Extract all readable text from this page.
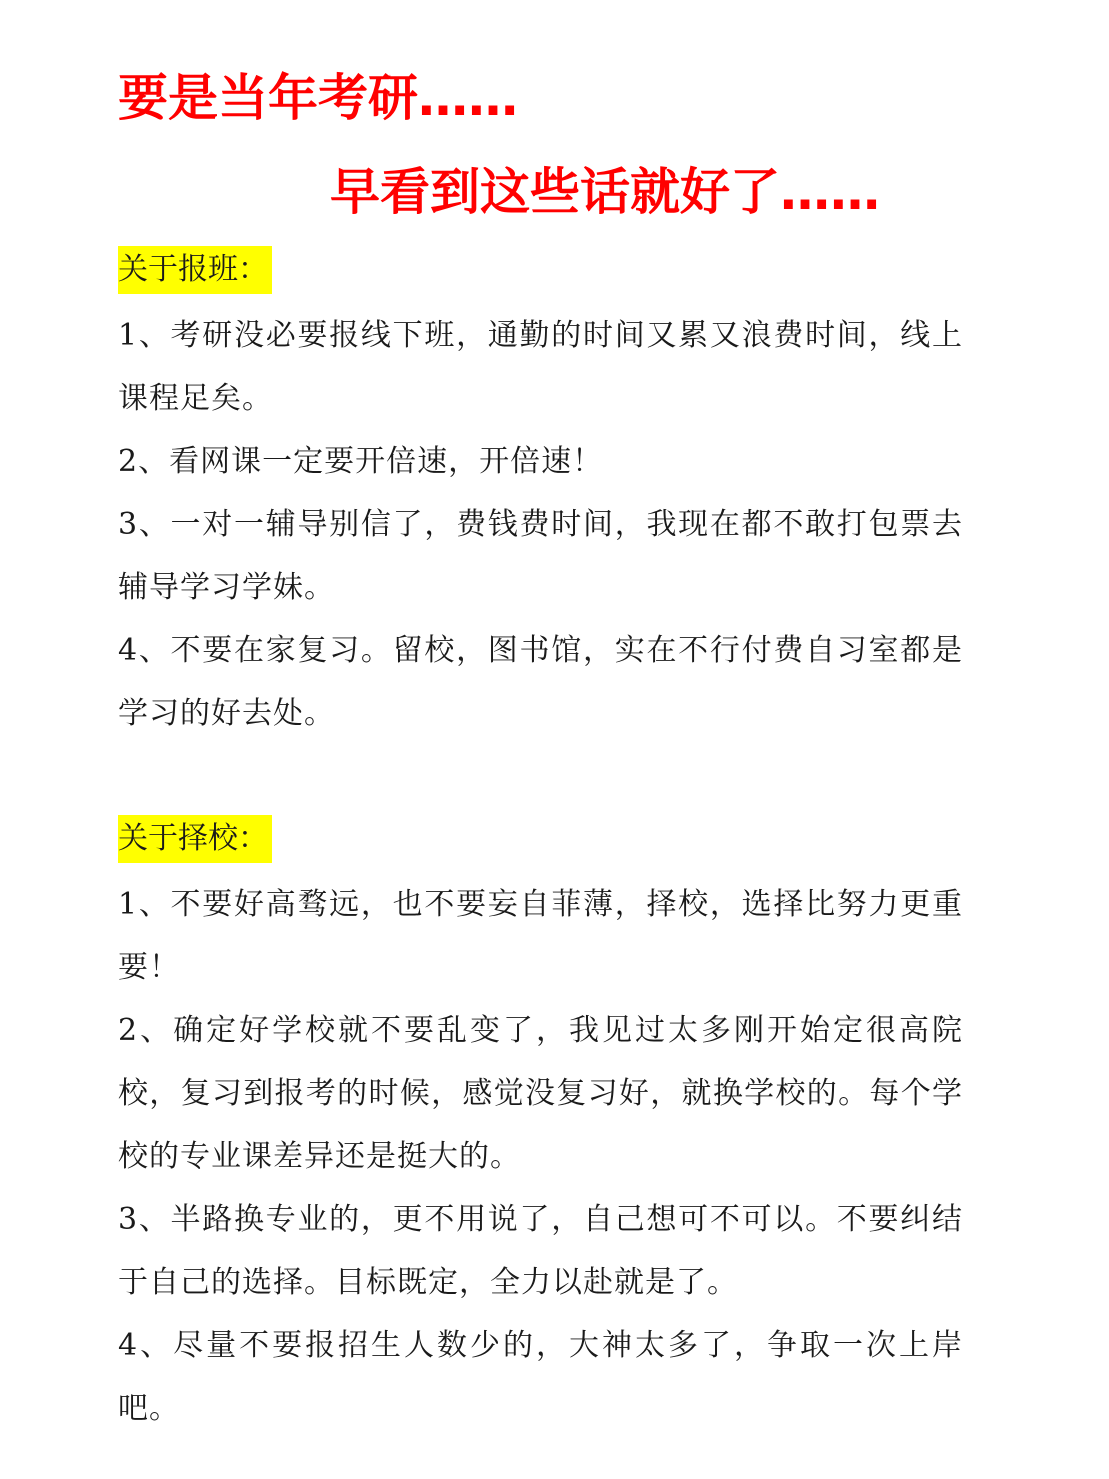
要是当年考研……
早看到这些话就好了……
关于报班：

1、考研没必要报线下班，通勤的时间又累又浪费时间，线上课程足矣。

2、看网课一定要开倍速，开倍速！

3、一对一辅导别信了，费钱费时间，我现在都不敢打包票去辅导学习学妹。

4、不要在家复习。留校，图书馆，实在不行付费自习室都是学习的好去处。

关于择校：

1、不要好高骛远，也不要妄自菲薄，择校，选择比努力更重要！

2、确定好学校就不要乱变了，我见过太多刚开始定很高院校，复习到报考的时候，感觉没复习好，就换学校的。每个学校的专业课差异还是挺大的。

3、半路换专业的，更不用说了，自己想可不可以。不要纠结于自己的选择。目标既定，全力以赴就是了。

4、尽量不要报招生人数少的，大神太多了，争取一次上岸吧。
